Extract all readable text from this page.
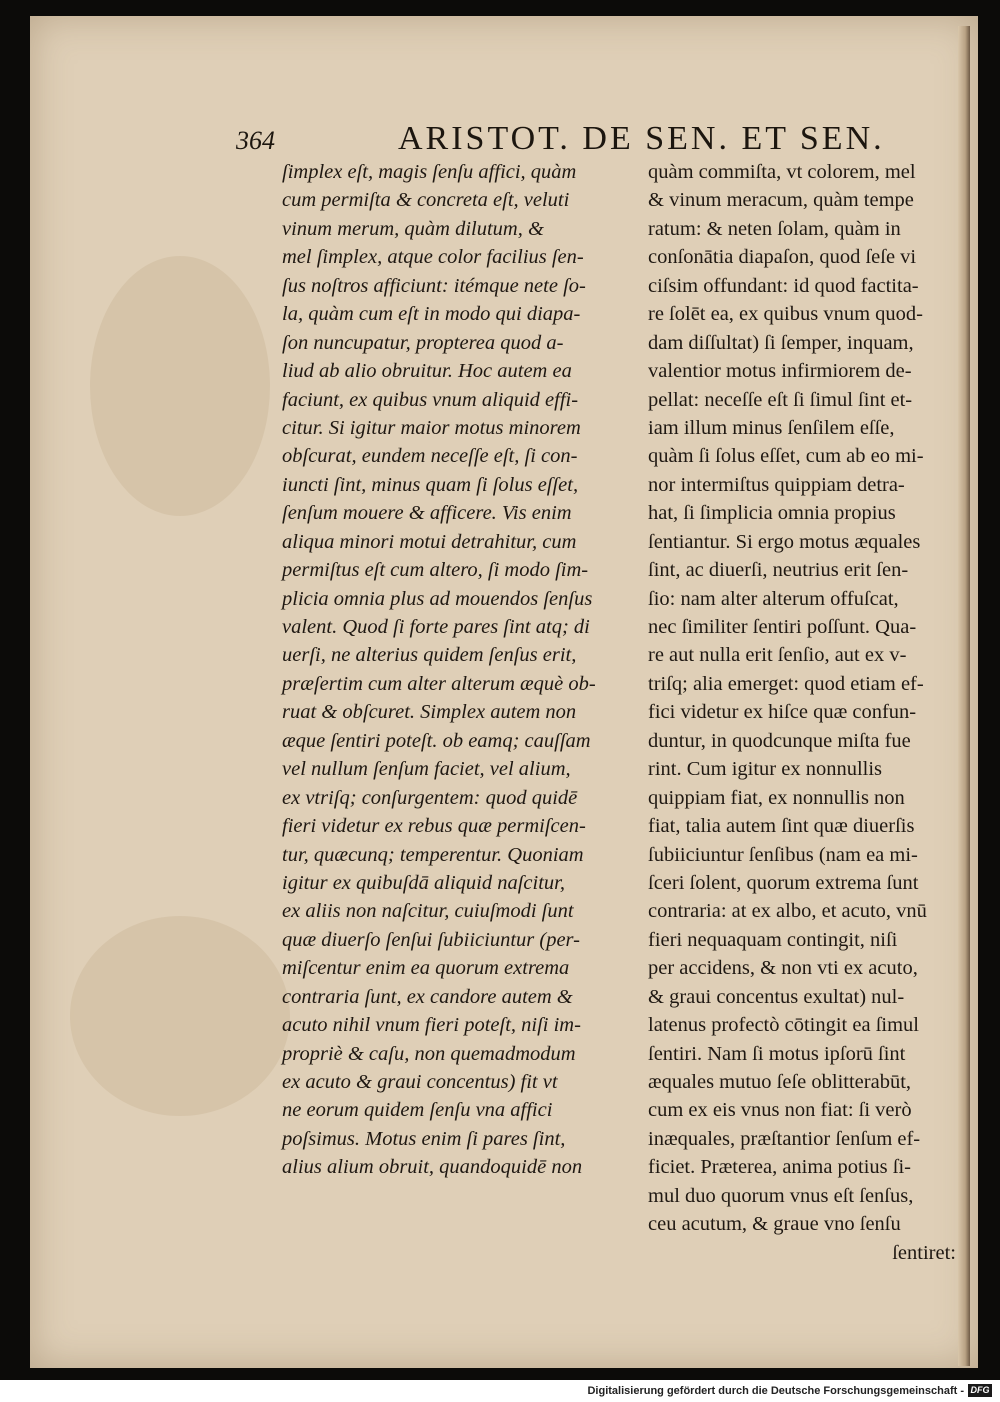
364	ARISTOT. DE SEN. ET SEN.
ſimplex eſt, magis ſenſu affici, quàm
cum permiſta & concreta eſt, veluti
vinum merum, quàm dilutum, &
mel ſimplex, atque color facilius ſen-
ſus noſtros afficiunt: itémque nete ſo-
la, quàm cum eſt in modo qui diapa-
ſon nuncupatur, propterea quod a-
liud ab alio obruitur. Hoc autem ea
faciunt, ex quibus vnum aliquid effi-
citur. Si igitur maior motus minorem
obſcurat, eundem neceſſe eſt, ſi con-
iuncti ſint, minus quam ſi ſolus eſſet,
ſenſum mouere & afficere. Vis enim
aliqua minori motui detrahitur, cum
permiſtus eſt cum altero, ſi modo ſim-
plicia omnia plus ad mouendos ſenſus
valent. Quod ſi forte pares ſint atq; di
uerſi, ne alterius quidem ſenſus erit,
præſertim cum alter alterum æquè ob-
ruat & obſcuret. Simplex autem non
æque ſentiri poteſt. ob eamq; cauſſam
vel nullum ſenſum faciet, vel alium,
ex vtriſq; conſurgentem: quod quidē
fieri videtur ex rebus quæ permiſcen-
tur, quæcunq; temperentur. Quoniam
igitur ex quibuſdā aliquid naſcitur,
ex aliis non naſcitur, cuiuſmodi ſunt
quæ diuerſo ſenſui ſubiiciuntur (per-
miſcentur enim ea quorum extrema
contraria ſunt, ex candore autem &
acuto nihil vnum fieri poteſt, niſi im-
propriè & caſu, non quemadmodum
ex acuto & graui concentus) fit vt
ne eorum quidem ſenſu vna affici
poſsimus. Motus enim ſi pares ſint,
alius alium obruit, quandoquidē non
quàm commiſta, vt colorem, mel
& vinum meracum, quàm tempe
ratum: & neten ſolam, quàm in
conſonātia diapaſon, quod ſeſe vi
ciſsim offundant: id quod factita-
re ſolēt ea, ex quibus vnum quod-
dam diſſultat) ſi ſemper, inquam,
valentior motus infirmiorem de-
pellat: neceſſe eſt ſi ſimul ſint et-
iam illum minus ſenſilem eſſe,
quàm ſi ſolus eſſet, cum ab eo mi-
nor intermiſtus quippiam detra-
hat, ſi ſimplicia omnia propius
ſentiantur. Si ergo motus æquales
ſint, ac diuerſi, neutrius erit ſen-
ſio: nam alter alterum offuſcat,
nec ſimiliter ſentiri poſſunt. Qua-
re aut nulla erit ſenſio, aut ex v-
triſq; alia emerget: quod etiam ef-
fici videtur ex hiſce quæ confun-
duntur, in quodcunque miſta fue
rint. Cum igitur ex nonnullis
quippiam fiat, ex nonnullis non
fiat, talia autem ſint quæ diuerſis
ſubiiciuntur ſenſibus (nam ea mi-
ſceri ſolent, quorum extrema ſunt
contraria: at ex albo, et acuto, vnū
fieri nequaquam contingit, niſi
per accidens, & non vti ex acuto,
& graui concentus exultat) nul-
latenus profectò cōtingit ea ſimul
ſentiri. Nam ſi motus ipſorū ſint
æquales mutuo ſeſe oblitterabūt,
cum ex eis vnus non fiat: ſi verò
inæquales, præſtantior ſenſum ef-
ficiet. Præterea, anima potius ſi-
mul duo quorum vnus eſt ſenſus,
ceu acutum, & graue vno ſenſu
ſentiret:
Digitalisierung gefördert durch die Deutsche Forschungsgemeinschaft - DFG
